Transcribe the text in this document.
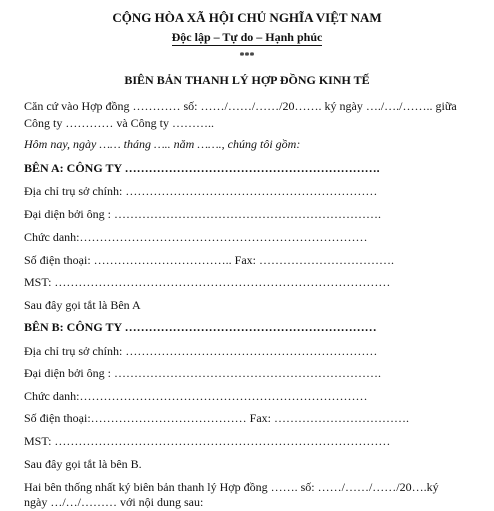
CỘNG HÒA XÃ HỘI CHỦ NGHĨA VIỆT NAM
Độc lập – Tự do – Hạnh phúc
***
BIÊN BẢN THANH LÝ HỢP ĐỒNG KINH TẾ
Căn cứ vào Hợp đồng ………… số: ……/……/……/20……. ký ngày …./…./…….. giữa
Công ty ………… và Công ty ………..
Hôm nay, ngày …… tháng ….. năm ……., chúng tôi gồm:
BÊN A: CÔNG TY ……………………………………………………….
Địa chỉ trụ sở chính: ………………………………………………………
Đại diện bởi ông : ………………………………………………………….
Chức danh:………………………………………………………………
Số điện thoại: …………………………….. Fax: …………………………….
MST: …………………………………………………………………………
Sau đây gọi tắt là Bên A
BÊN B: CÔNG TY ………………………………………………………
Địa chỉ trụ sở chính: ………………………………………………………
Đại diện bởi ông : ………………………………………………………….
Chức danh:………………………………………………………………
Số điện thoại:………………………………… Fax: …………………………….
MST: …………………………………………………………………………
Sau đây gọi tắt là bên B.
Hai bên thống nhất ký biên bản thanh lý Hợp đồng ……. số: ……/……/……/20….ký
ngày …/…/……… với nội dung sau:
